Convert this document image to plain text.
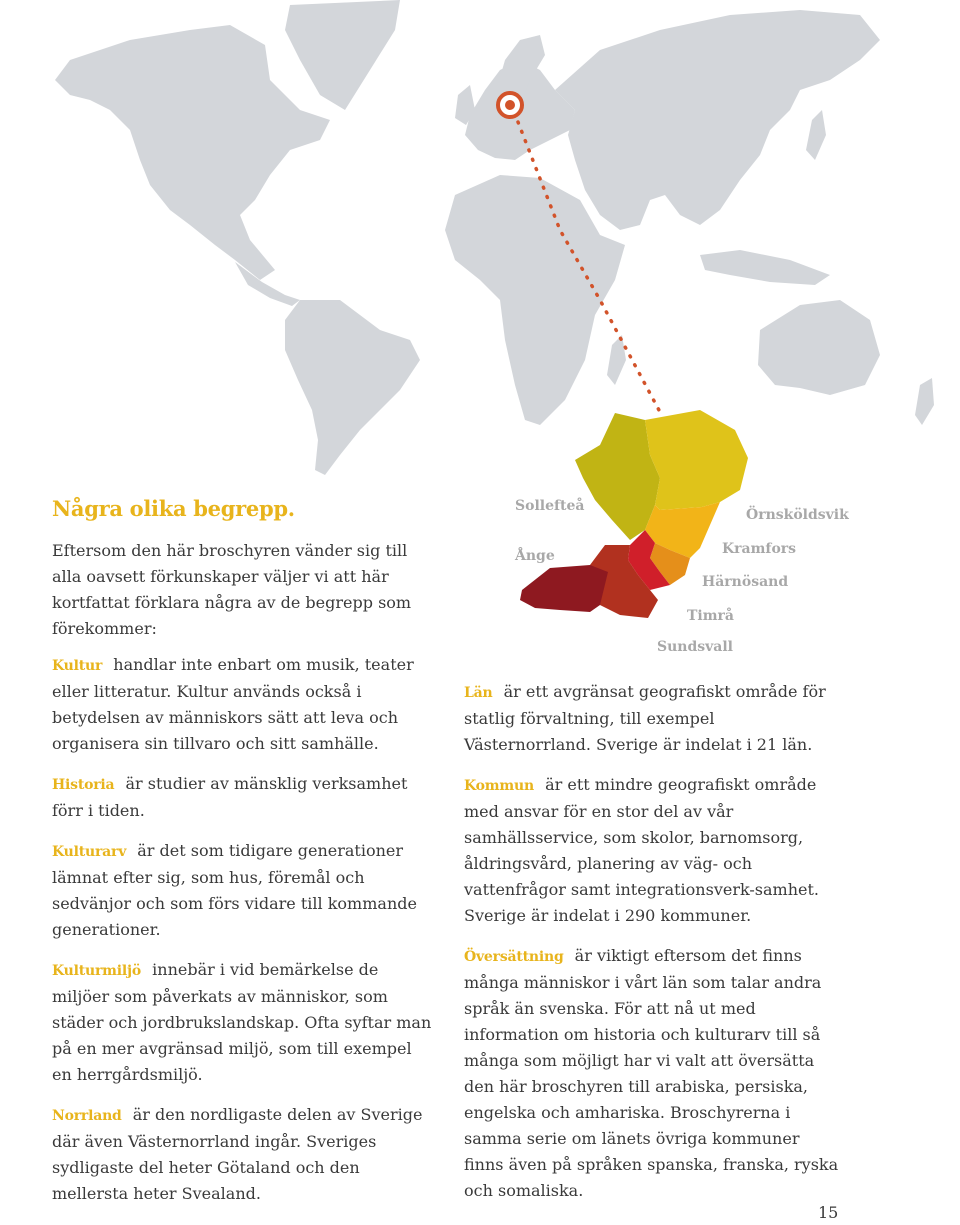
Sollefteå
Örnsköldsvik
Ånge	Kramfors
Härnösand
Timrå
Sundsvall
Några olika begrepp.

Eftersom den här broschyren vänder sig till alla oavsett förkunskaper väljer vi att här kortfattat förklara några av de begrepp som förekommer:

Kultur handlar inte enbart om musik, teater eller litteratur. Kultur används också i betydelsen av människors sätt att leva och organisera sin tillvaro och sitt samhälle.

Historia är studier av mänsklig verksamhet förr i tiden.

Kulturarv är det som tidigare generationer lämnat efter sig, som hus, föremål och sedvänjor och som förs vidare till kommande generationer.

Kulturmiljö innebär i vid bemärkelse de miljöer som påverkats av människor, som städer och jordbrukslandskap. Ofta syftar man på en mer avgränsad miljö, som till exempel en herrgårdsmiljö.

Norrland är den nordligaste delen av Sverige där även Västernorrland ingår. Sveriges sydligaste del heter Götaland och den mellersta heter Svealand.

Län är ett avgränsat geografiskt område för statlig förvaltning, till exempel Västernorrland. Sverige är indelat i 21 län.

Kommun är ett mindre geografiskt område med ansvar för en stor del av vår samhällsservice, som skolor, barnomsorg, åldringsvård, planering av väg- och vattenfrågor samt integrationsverk-samhet. Sverige är indelat i 290 kommuner.

Översättning är viktigt eftersom det finns många människor i vårt län som talar andra språk än svenska. För att nå ut med information om historia och kulturarv till så många som möjligt har vi valt att översätta den här broschyren till arabiska, persiska, engelska och amhariska. Broschyrerna i samma serie om länets övriga kommuner finns även på språken spanska, franska, ryska och somaliska.

15
